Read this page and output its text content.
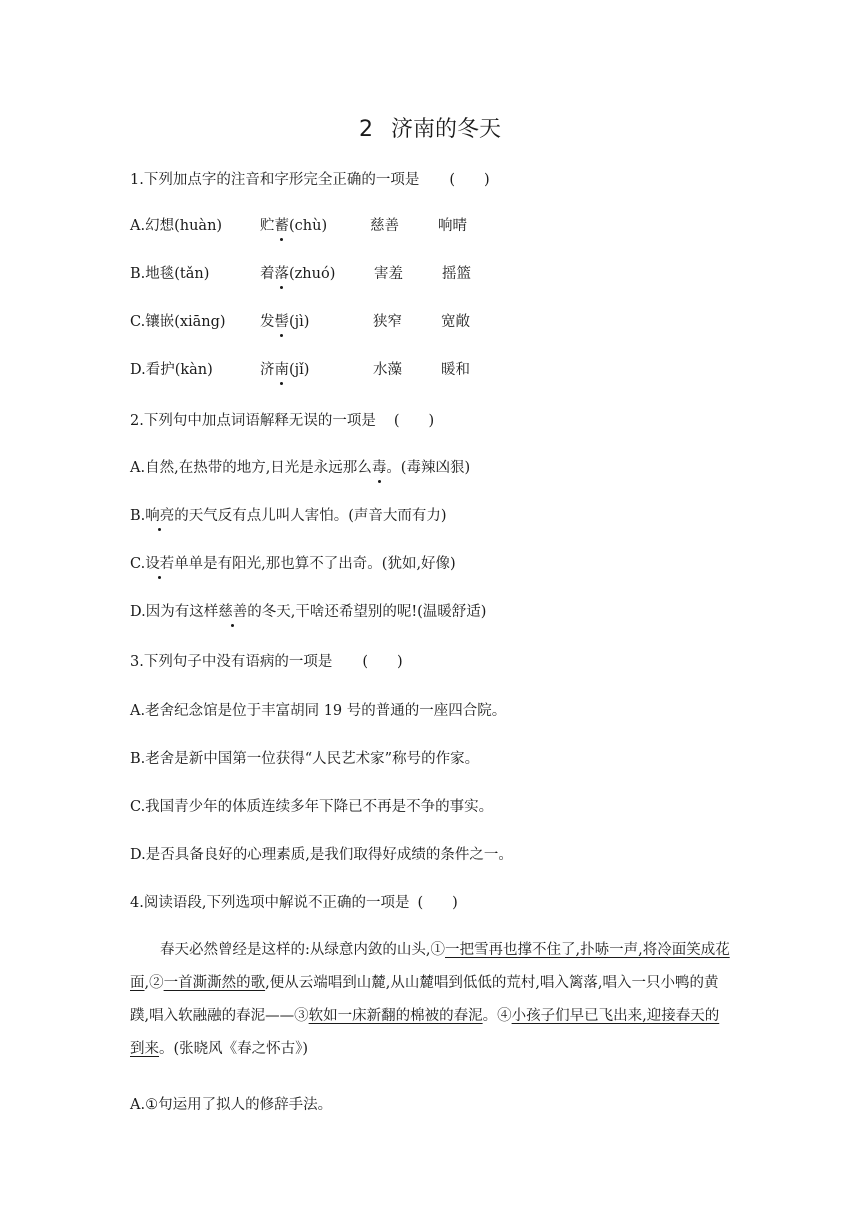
2 济南的冬天
1.下列加点字的注音和字形完全正确的一项是 (　　)
A.幻想(huàn)	贮蓄(chù)	慈善	响晴
B.地毯(tǎn)	着落(zhuó)	害羞	摇篮
C.镶嵌(xiāng) 发髻(jì)	狭窄	宽敞
D.看护(kàn)	济南(jǐ)	水藻	暖和
2.下列句中加点词语解释无误的一项是 (　　)
A.自然,在热带的地方,日光是永远那么毒。(毒辣凶狠)
B.响亮的天气反有点儿叫人害怕。(声音大而有力)
C.设若单单是有阳光,那也算不了出奇。(犹如,好像)
D.因为有这样慈善的冬天,干啥还希望别的呢!(温暖舒适)
3.下列句子中没有语病的一项是 (　　)
A.老舍纪念馆是位于丰富胡同 19 号的普通的一座四合院。
B.老舍是新中国第一位获得“人民艺术家”称号的作家。
C.我国青少年的体质连续多年下降已不再是不争的事实。
D.是否具备良好的心理素质,是我们取得好成绩的条件之一。
4.阅读语段,下列选项中解说不正确的一项是 (　　)
春天必然曾经是这样的:从绿意内敛的山头,①一把雪再也撑不住了,扑哧一声,将冷面笑成花面,②一首澌澌然的歌,便从云端唱到山麓,从山麓唱到低低的荒村,唱入篱落,唱入一只小鸭的黄蹼,唱入软融融的春泥——③软如一床新翻的棉被的春泥。④小孩子们早已飞出来,迎接春天的到来。(张晓风《春之怀古》)
A.①句运用了拟人的修辞手法。
